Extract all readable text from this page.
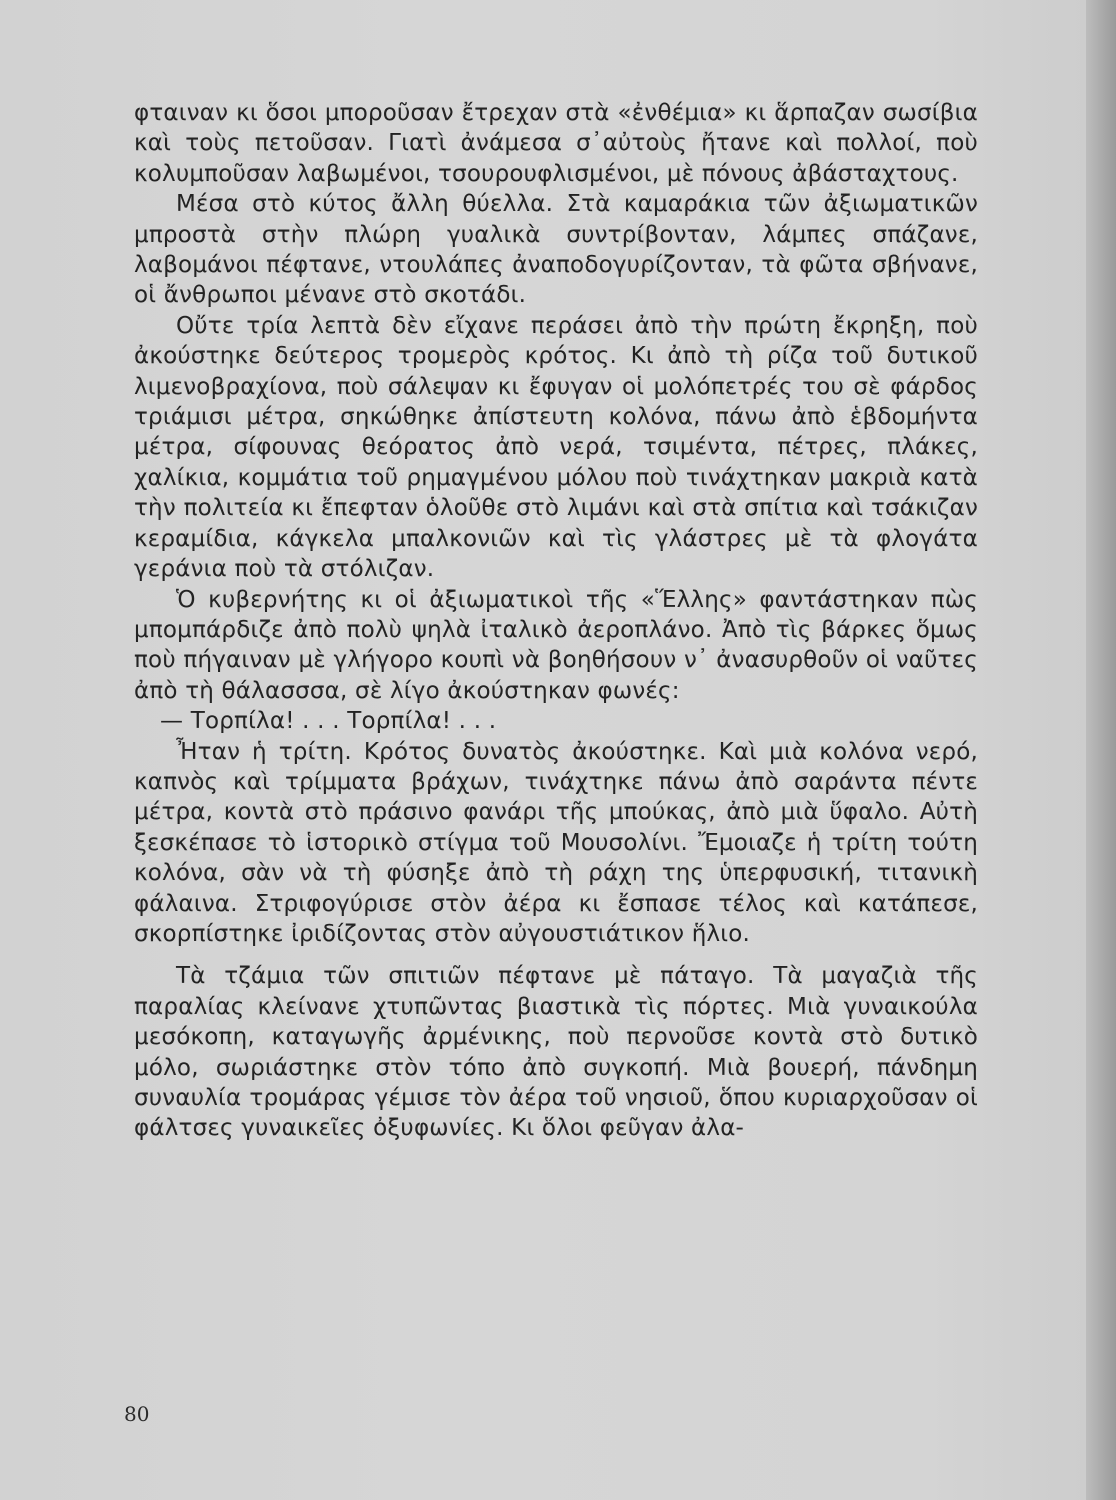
φταιναν κι ὅσοι μποροῦσαν ἔτρεχαν στὰ «ἐνθέμια» κι ἅρπαζαν σωσίβια καὶ τοὺς πετοῦσαν. Γιατὶ ἀνάμεσα σ᾽αὐτοὺς ἤτανε καὶ πολλοί, ποὺ κολυμποῦσαν λαβωμένοι, τσουρουφλισμένοι, μὲ πόνους ἀβάσταχτους.

Μέσα στὸ κύτος ἄλλη θύελλα. Στὰ καμαράκια τῶν ἀξιωματικῶν μπροστὰ στὴν πλώρη γυαλικὰ συντρίβονταν, λάμπες σπάζανε, λαβομάνοι πέφτανε, ντουλάπες ἀναποδογυρίζονταν, τὰ φῶτα σβήνανε, οἱ ἄνθρωποι μένανε στὸ σκοτάδι.

Οὔτε τρία λεπτὰ δὲν εἴχανε περάσει ἀπὸ τὴν πρώτη ἔκρηξη, ποὺ ἀκούστηκε δεύτερος τρομερὸς κρότος. Κι ἀπὸ τὴ ρίζα τοῦ δυτικοῦ λιμενοβραχίονα, ποὺ σάλεψαν κι ἔφυγαν οἱ μολόπετρές του σὲ φάρδος τριάμισι μέτρα, σηκώθηκε ἀπίστευτη κολόνα, πάνω ἀπὸ ἑβδομήντα μέτρα, σίφουνας θεόρατος ἀπὸ νερά, τσιμέντα, πέτρες, πλάκες, χαλίκια, κομμάτια τοῦ ρημαγμένου μόλου ποὺ τινάχτηκαν μακριὰ κατὰ τὴν πολιτεία κι ἔπεφταν ὁλοῦθε στὸ λιμάνι καὶ στὰ σπίτια καὶ τσάκιζαν κεραμίδια, κάγκελα μπαλκονιῶν καὶ τὶς γλάστρες μὲ τὰ φλογάτα γεράνια ποὺ τὰ στόλιζαν.

Ὁ κυβερνήτης κι οἱ ἀξιωματικοὶ τῆς «Ἕλλης» φαντάστηκαν πὼς μπομπάρδιζε ἀπὸ πολὺ ψηλὰ ἰταλικὸ ἀεροπλάνο. Ἀπὸ τὶς βάρκες ὅμως ποὺ πήγαιναν μὲ γλήγορο κουπὶ νὰ βοηθήσουν ν᾽ ἀνασυρθοῦν οἱ ναῦτες ἀπὸ τὴ θάλασσσα, σὲ λίγο ἀκούστηκαν φωνές:

— Τορπίλα! . . . Τορπίλα! . . .

Ἦταν ἡ τρίτη. Κρότος δυνατὸς ἀκούστηκε. Καὶ μιὰ κολόνα νερό, καπνὸς καὶ τρίμματα βράχων, τινάχτηκε πάνω ἀπὸ σαράντα πέντε μέτρα, κοντὰ στὸ πράσινο φανάρι τῆς μπούκας, ἀπὸ μιὰ ὕφαλο. Αὐτὴ ξεσκέπασε τὸ ἱστορικὸ στίγμα τοῦ Μουσολίνι. Ἔμοιαζε ἡ τρίτη τούτη κολόνα, σὰν νὰ τὴ φύσηξε ἀπὸ τὴ ράχη της ὑπερφυσική, τιτανικὴ φάλαινα. Στριφογύρισε στὸν ἀέρα κι ἔσπασε τέλος καὶ κατάπεσε, σκορπίστηκε ἰριδίζοντας στὸν αὐγουστιάτικον ἥλιο.

Τὰ τζάμια τῶν σπιτιῶν πέφτανε μὲ πάταγο. Τὰ μαγαζιὰ τῆς παραλίας κλείνανε χτυπῶντας βιαστικὰ τὶς πόρτες. Μιὰ γυναικούλα μεσόκοπη, καταγωγῆς ἀρμένικης, ποὺ περνοῦσε κοντὰ στὸ δυτικὸ μόλο, σωριάστηκε στὸν τόπο ἀπὸ συγκοπή. Μιὰ βουερή, πάνδημη συναυλία τρομάρας γέμισε τὸν ἀέρα τοῦ νησιοῦ, ὅπου κυριαρχοῦσαν οἱ φάλτσες γυναικεῖες ὀξυφωνίες. Κι ὅλοι φεῦγαν ἀλα-

80
